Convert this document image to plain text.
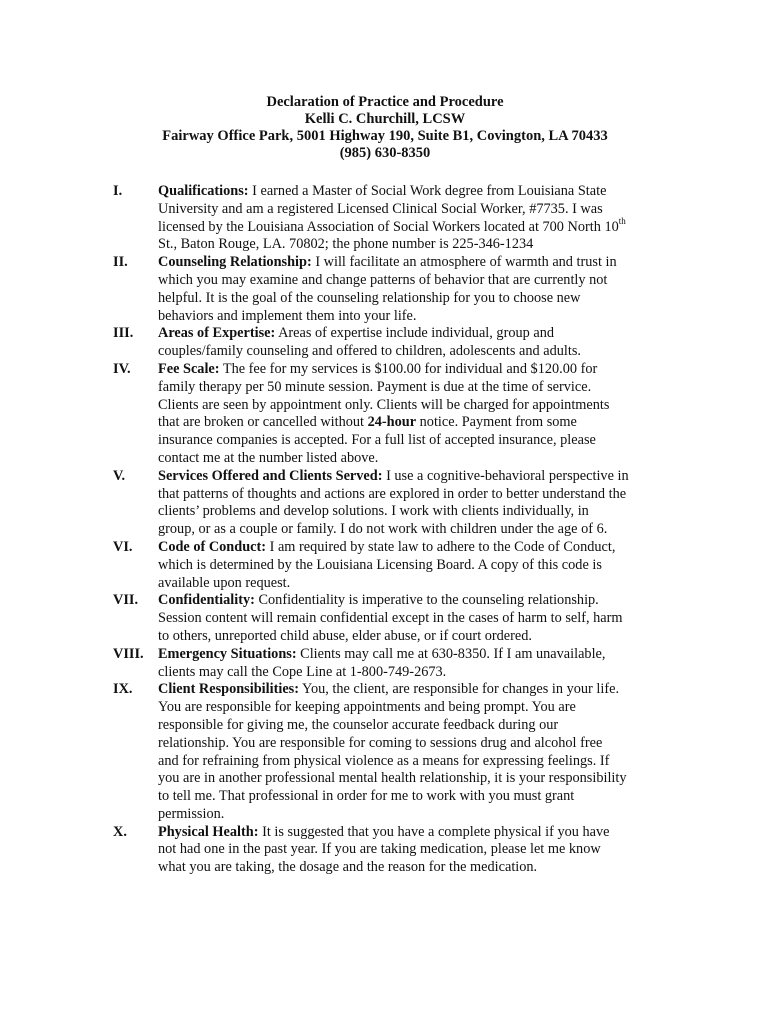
Declaration of Practice and Procedure
Kelli C. Churchill, LCSW
Fairway Office Park, 5001 Highway 190, Suite B1, Covington, LA 70433
(985) 630-8350
I.	Qualifications: I earned a Master of Social Work degree from Louisiana State
University and am a registered Licensed Clinical Social Worker, #7735. I was
licensed by the Louisiana Association of Social Workers located at 700 North 10th
St., Baton Rouge, LA. 70802; the phone number is 225-346-1234
II.	Counseling Relationship: I will facilitate an atmosphere of warmth and trust in
which you may examine and change patterns of behavior that are currently not
helpful. It is the goal of the counseling relationship for you to choose new
behaviors and implement them into your life.
III.	Areas of Expertise: Areas of expertise include individual, group and
couples/family counseling and offered to children, adolescents and adults.
IV.	Fee Scale: The fee for my services is $100.00 for individual and $120.00 for
family therapy per 50 minute session. Payment is due at the time of service.
Clients are seen by appointment only. Clients will be charged for appointments
that are broken or cancelled without 24-hour notice. Payment from some
insurance companies is accepted. For a full list of accepted insurance, please
contact me at the number listed above.
V.	Services Offered and Clients Served: I use a cognitive-behavioral perspective in
that patterns of thoughts and actions are explored in order to better understand the
clients’ problems and develop solutions. I work with clients individually, in
group, or as a couple or family. I do not work with children under the age of 6.
VI.	Code of Conduct: I am required by state law to adhere to the Code of Conduct,
which is determined by the Louisiana Licensing Board. A copy of this code is
available upon request.
VII.	Confidentiality: Confidentiality is imperative to the counseling relationship.
Session content will remain confidential except in the cases of harm to self, harm
to others, unreported child abuse, elder abuse, or if court ordered.
VIII.	Emergency Situations: Clients may call me at 630-8350. If I am unavailable,
clients may call the Cope Line at 1-800-749-2673.
IX.	Client Responsibilities: You, the client, are responsible for changes in your life.
You are responsible for keeping appointments and being prompt. You are
responsible for giving me, the counselor accurate feedback during our
relationship. You are responsible for coming to sessions drug and alcohol free
and for refraining from physical violence as a means for expressing feelings. If
you are in another professional mental health relationship, it is your responsibility
to tell me. That professional in order for me to work with you must grant
permission.
X.	Physical Health: It is suggested that you have a complete physical if you have
not had one in the past year. If you are taking medication, please let me know
what you are taking, the dosage and the reason for the medication.
